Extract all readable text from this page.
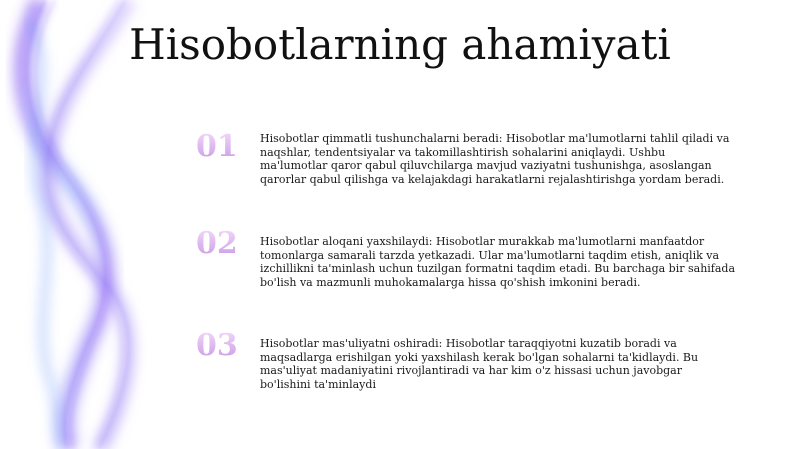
Hisobotlarning ahamiyati
01	Hisobotlar qimmatli tushunchalarni beradi: Hisobotlar ma'lumotlarni tahlil qiladi va naqshlar, tendentsiyalar va takomillashtirish sohalarini aniqlaydi. Ushbu ma'lumotlar qaror qabul qiluvchilarga mavjud vaziyatni tushunishga, asoslangan qarorlar qabul qilishga va kelajakdagi harakatlarni rejalashtirishga yordam beradi.
02	Hisobotlar aloqani yaxshilaydi: Hisobotlar murakkab ma'lumotlarni manfaatdor tomonlarga samarali tarzda yetkazadi. Ular ma'lumotlarni taqdim etish, aniqlik va izchillikni ta'minlash uchun tuzilgan formatni taqdim etadi. Bu barchaga bir sahifada bo'lish va mazmunli muhokamalarga hissa qo'shish imkonini beradi.
03	Hisobotlar mas'uliyatni oshiradi: Hisobotlar taraqqiyotni kuzatib boradi va maqsadlarga erishilgan yoki yaxshilash kerak bo'lgan sohalarni ta'kidlaydi. Bu mas'uliyat madaniyatini rivojlantiradi va har kim o'z hissasi uchun javobgar bo'lishini ta'minlaydi
